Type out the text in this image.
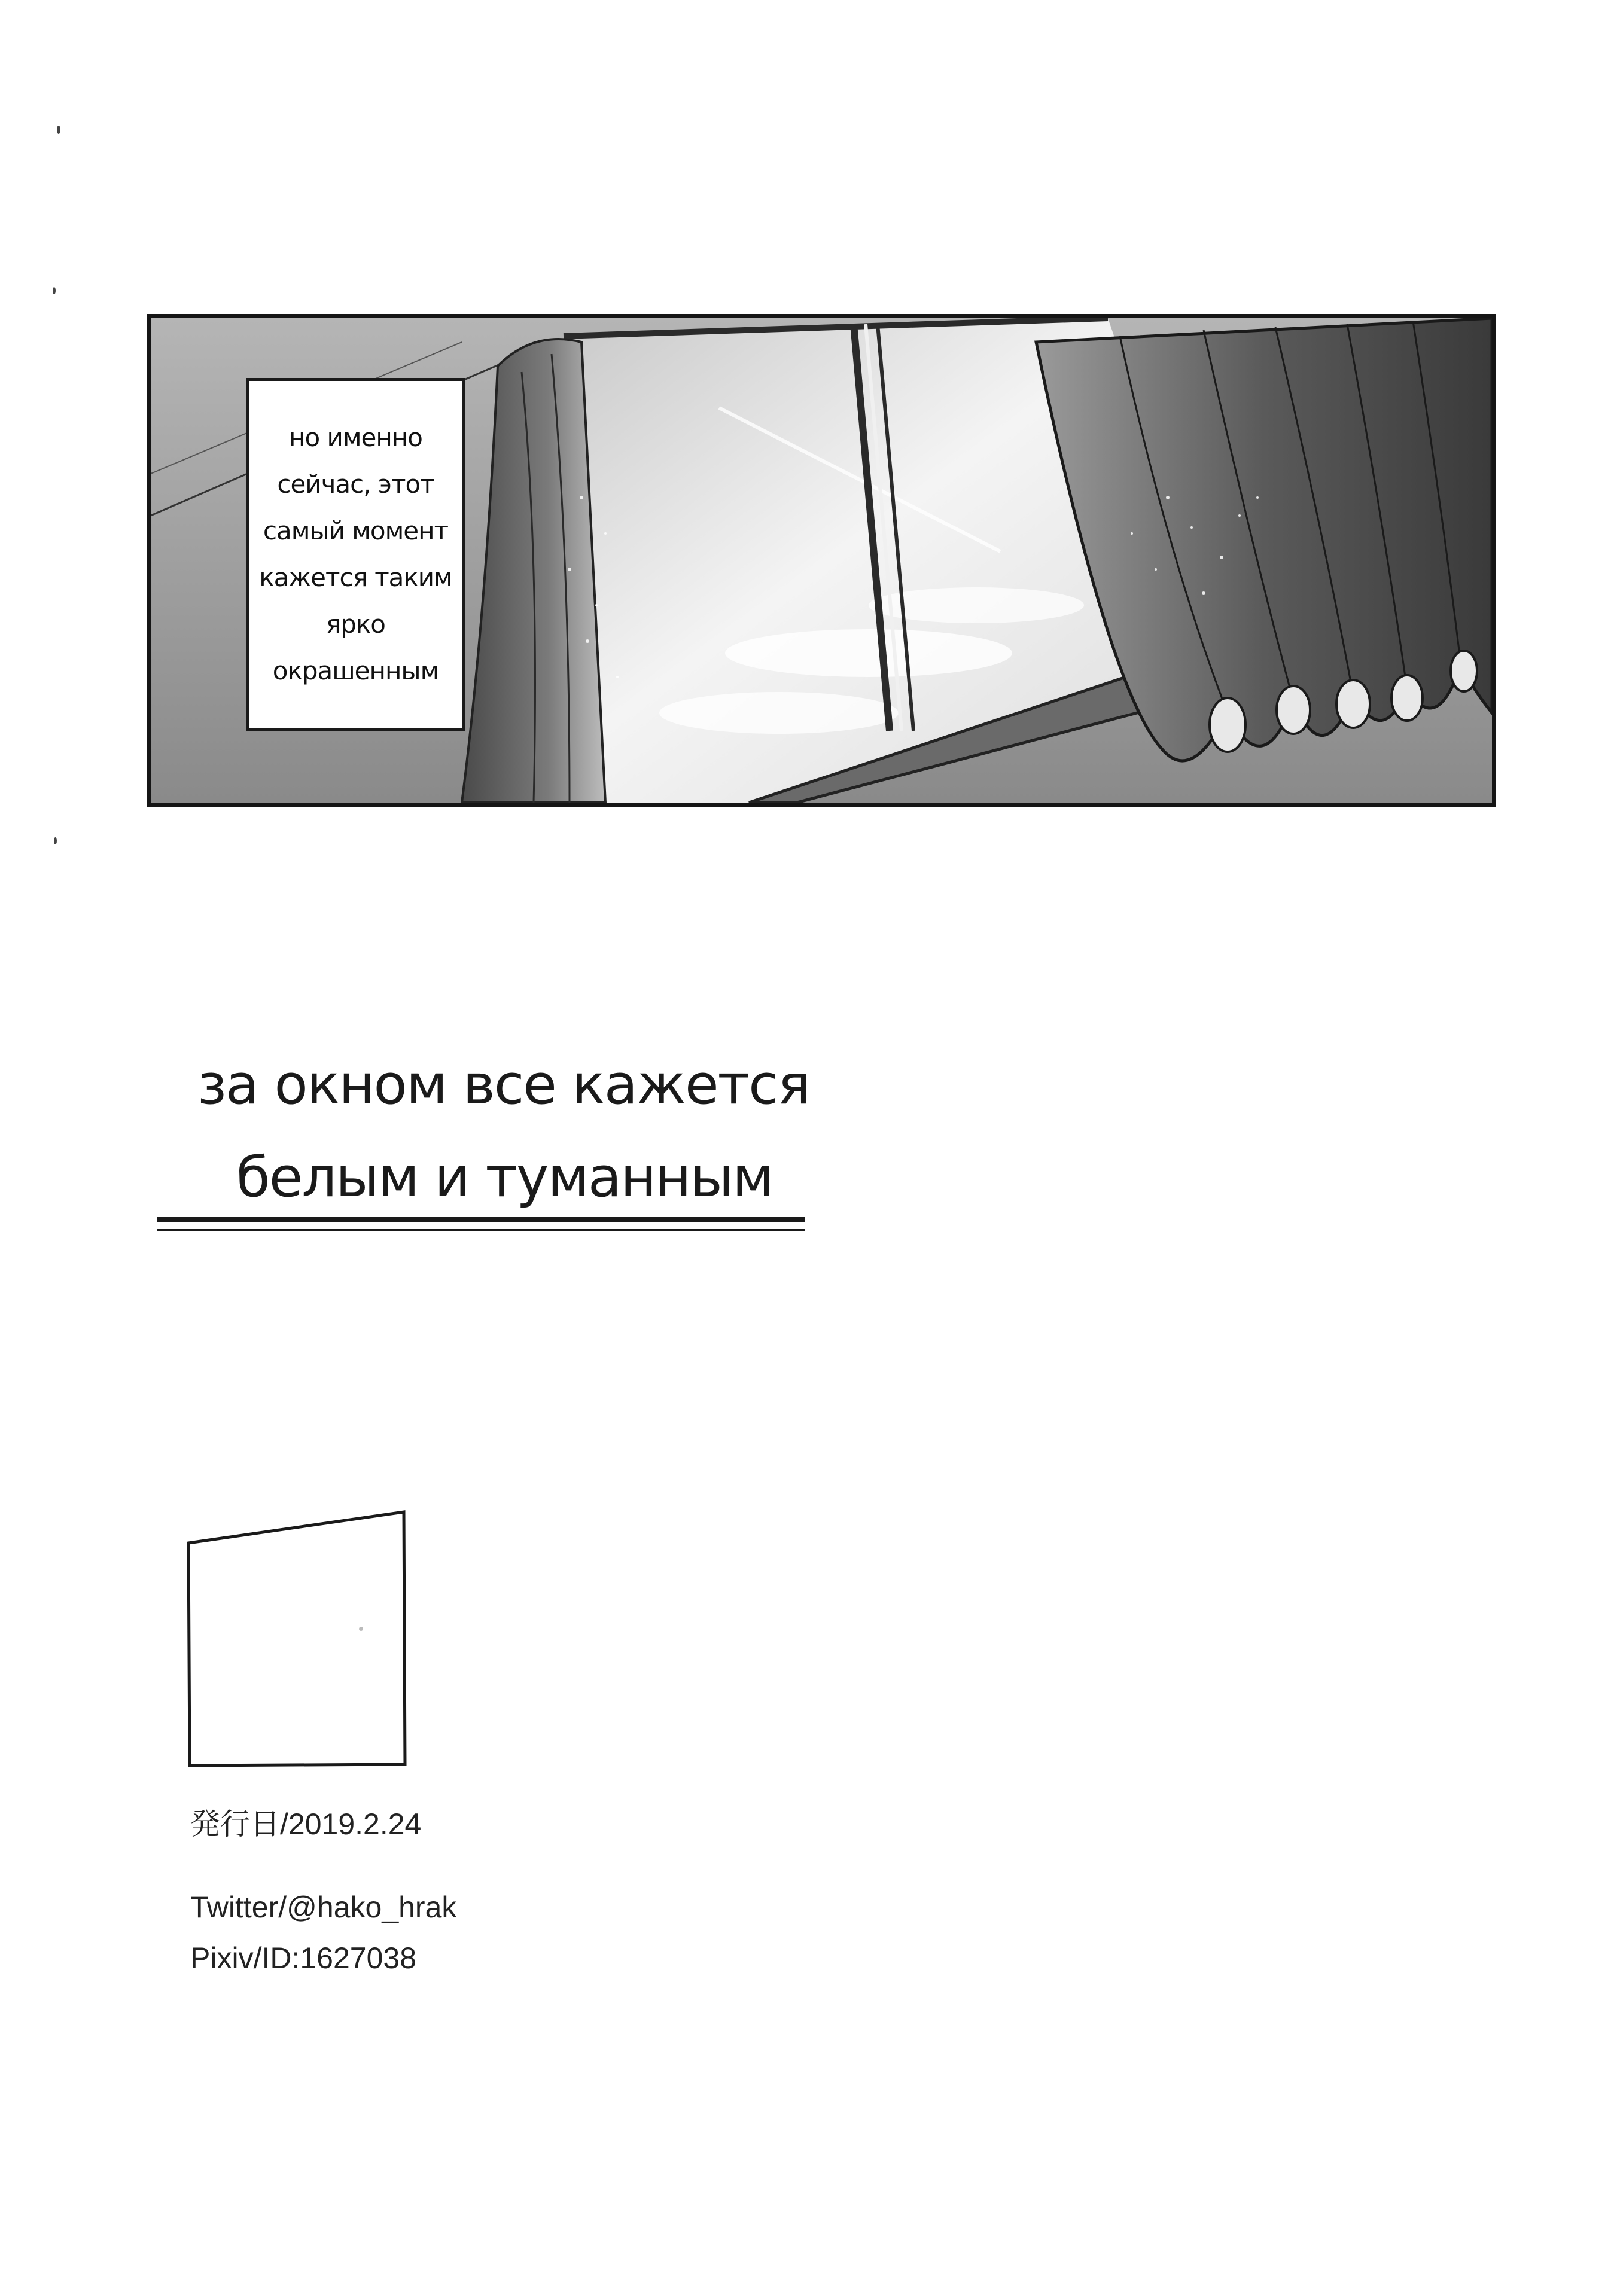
но именно
сейчас, этот
самый момент
кажется таким
ярко
окрашенным
за окном все кажется
белым и туманным
発行日/2019.2.24
Twitter/@hako_hrak
Pixiv/ID:1627038
